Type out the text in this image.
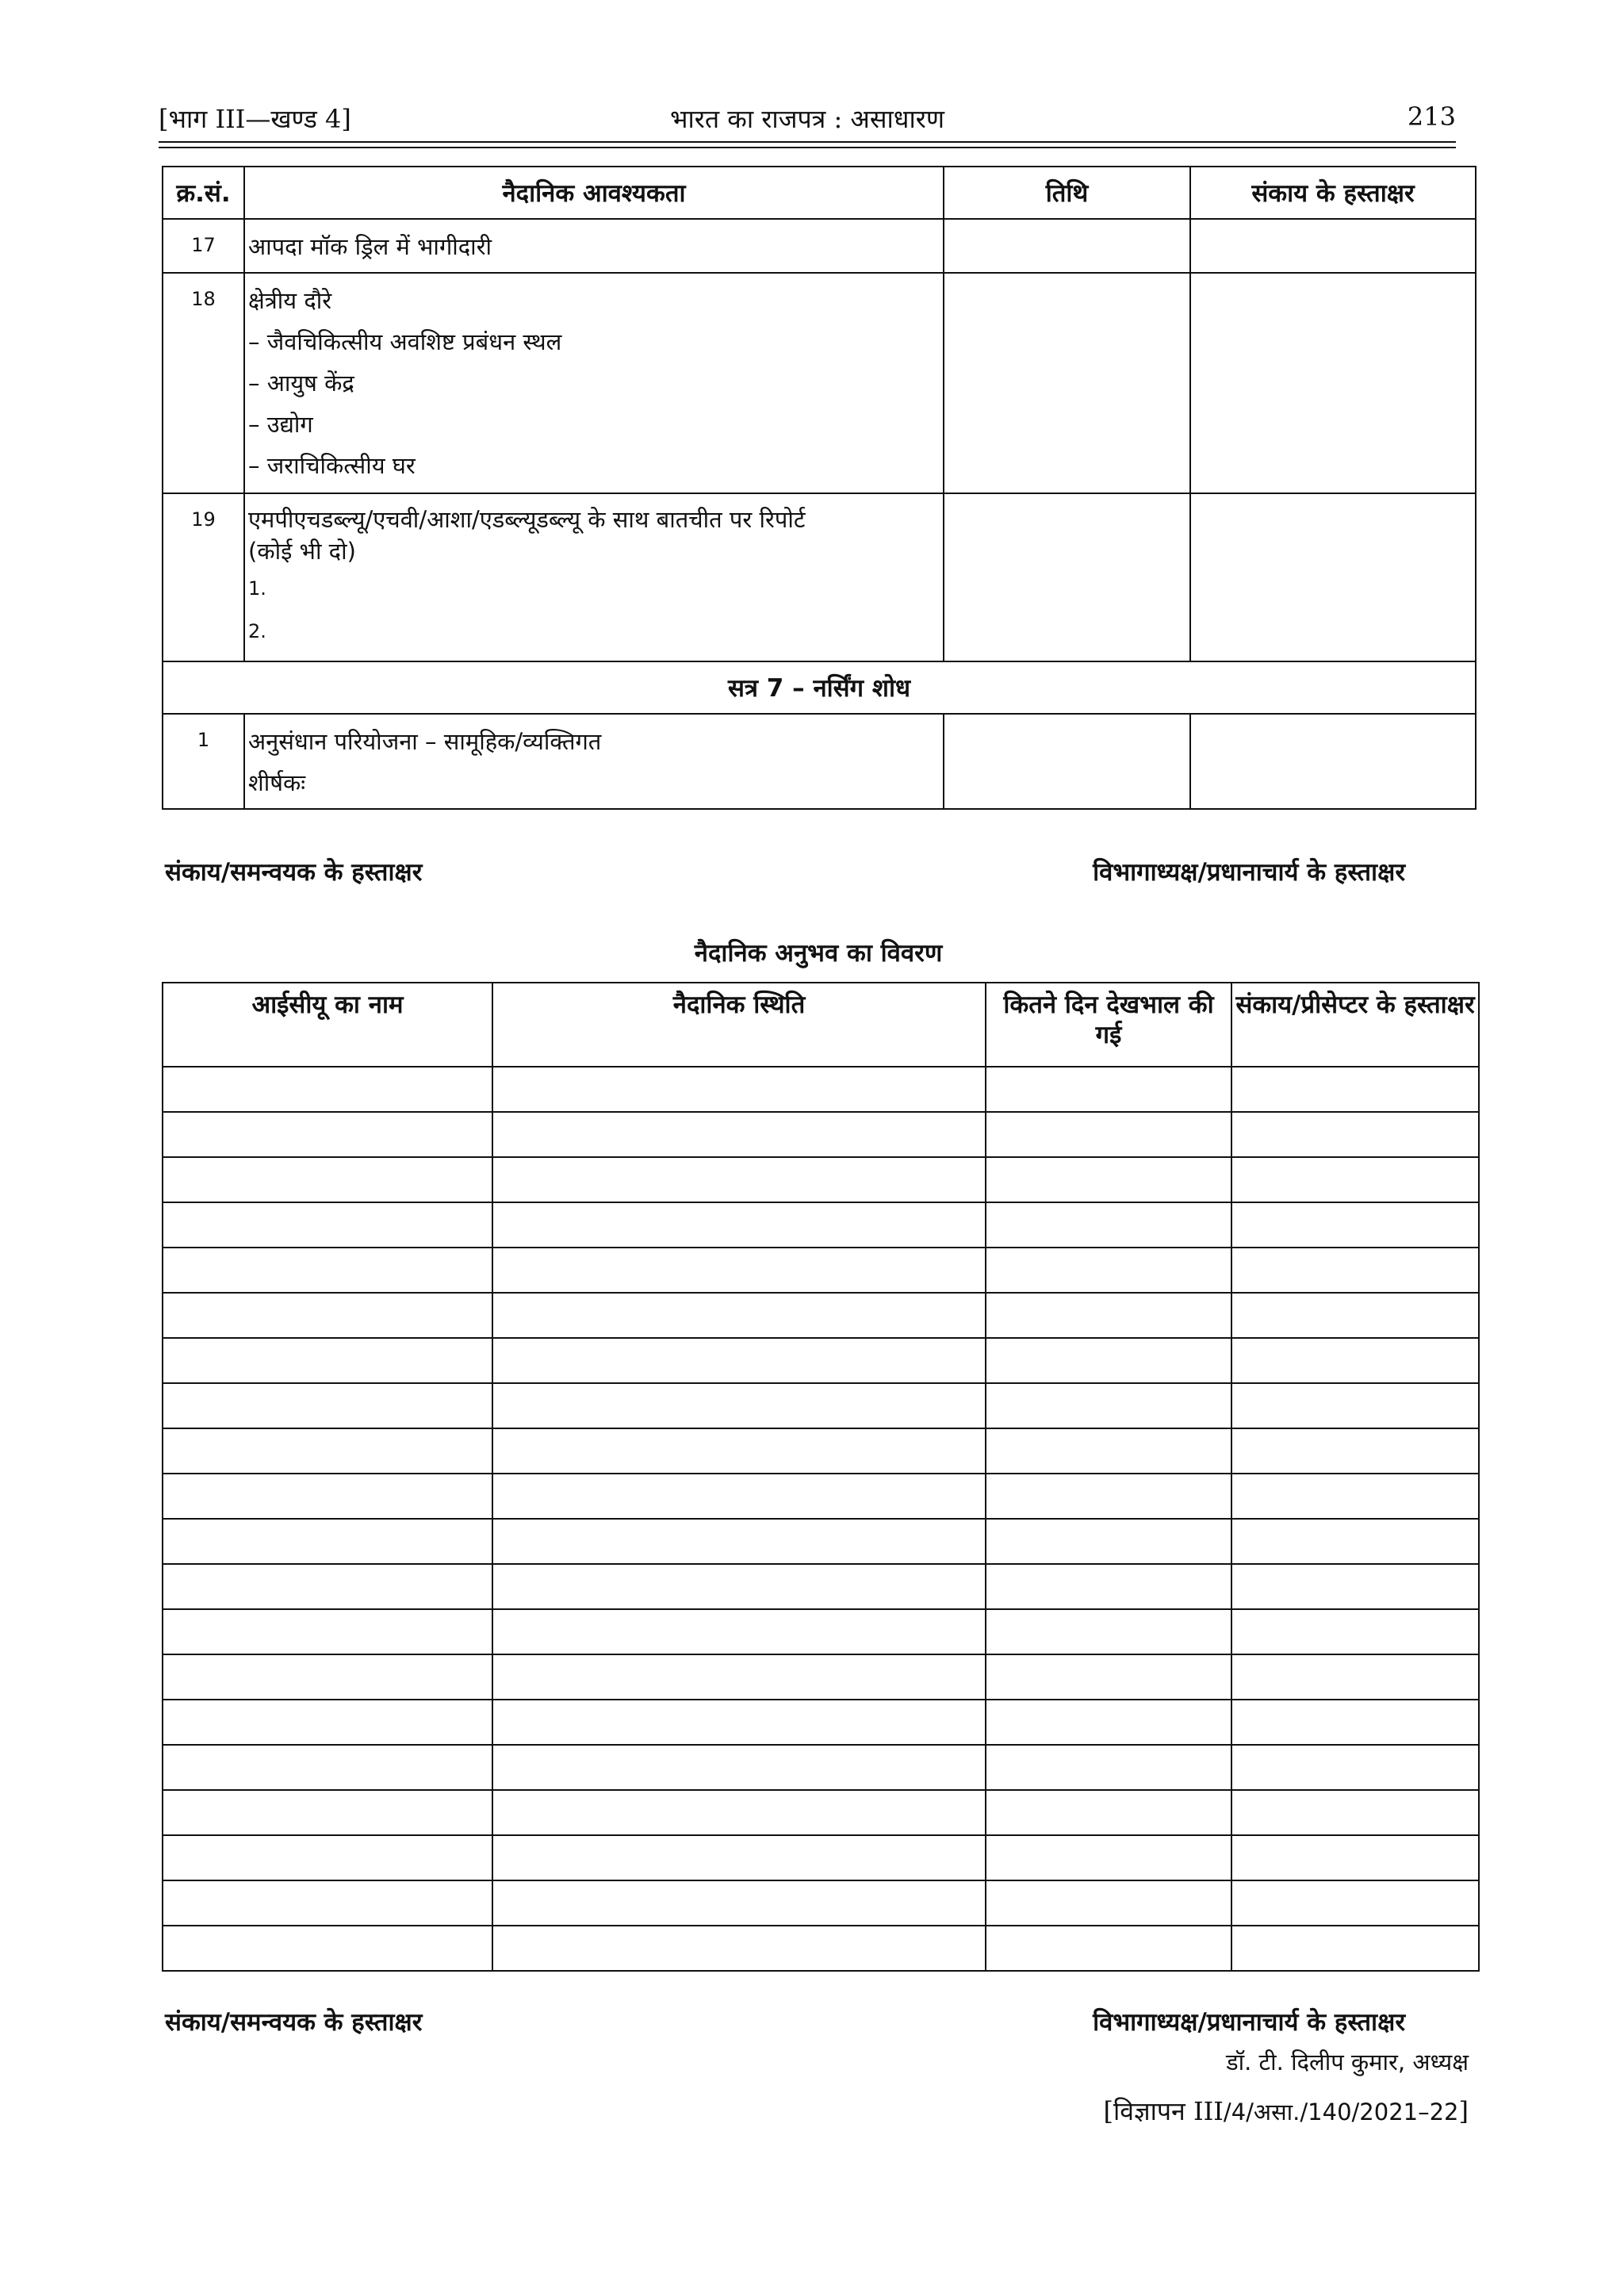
[भाग III—खण्ड 4]	भारत का राजपत्र : असाधारण	213
क्र.सं.	नैदानिक आवश्यकता	तिथि	संकाय के हस्ताक्षर
17	आपदा मॉक ड्रिल में भागीदारी		

18	क्षेत्रीय दौरे
– जैवचिकित्सीय अवशिष्ट प्रबंधन स्थल
– आयुष केंद्र
– उद्योग
– जराचिकित्सीय घर		

19	एमपीएचडब्ल्यू/एचवी/आशा/एडब्ल्यूडब्ल्यू के साथ बातचीत पर रिपोर्ट
(कोई भी दो)
1.
2.		

सत्र 7 – नर्सिंग शोध			
1	अनुसंधान परियोजना – सामूहिक/व्यक्तिगत
शीर्षकः		

संकाय/समन्वयक के हस्ताक्षर	विभागाध्यक्ष/प्रधानाचार्य के हस्ताक्षर
नैदानिक अनुभव का विवरण
आईसीयू का नाम	नैदानिक स्थिति	कितने दिन देखभाल की गई	संकाय/प्रीसेप्टर के हस्ताक्षर

संकाय/समन्वयक के हस्ताक्षर	विभागाध्यक्ष/प्रधानाचार्य के हस्ताक्षर
डॉ. टी. दिलीप कुमार, अध्यक्ष
[विज्ञापन III/4/असा./140/2021–22]
